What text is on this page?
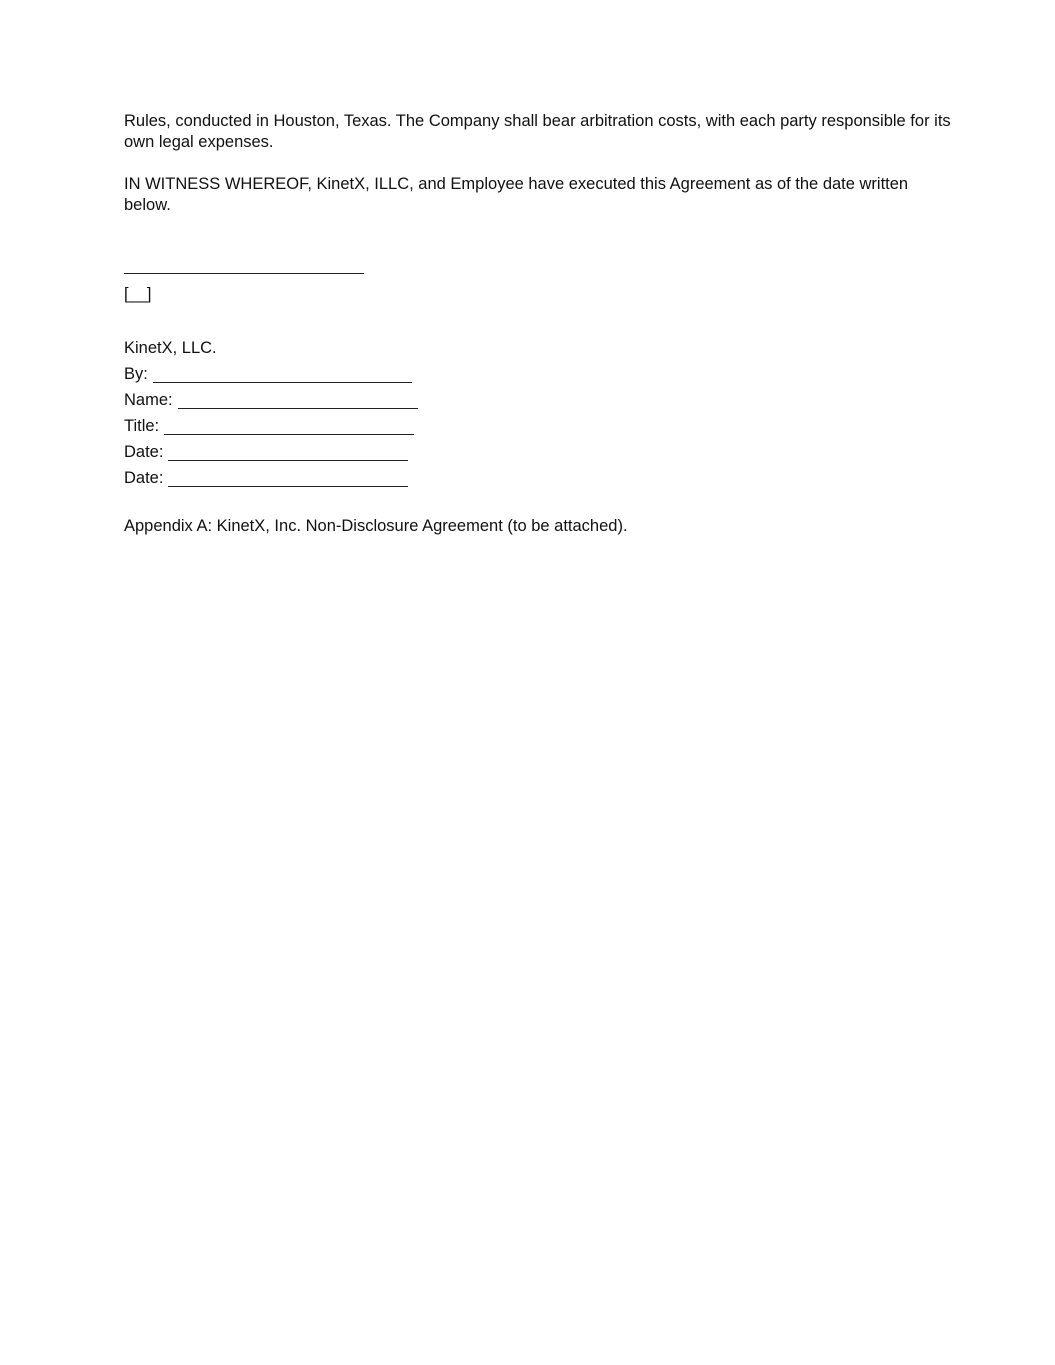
Rules, conducted in Houston, Texas. The Company shall bear arbitration costs, with each party responsible for its own legal expenses.

IN WITNESS WHEREOF, KinetX, ILLC, and Employee have executed this Agreement as of the date written below.

[__]
KinetX, LLC.
By:
Name:
Title:
Date:
Date:

Appendix A: KinetX, Inc. Non-Disclosure Agreement (to be attached).
